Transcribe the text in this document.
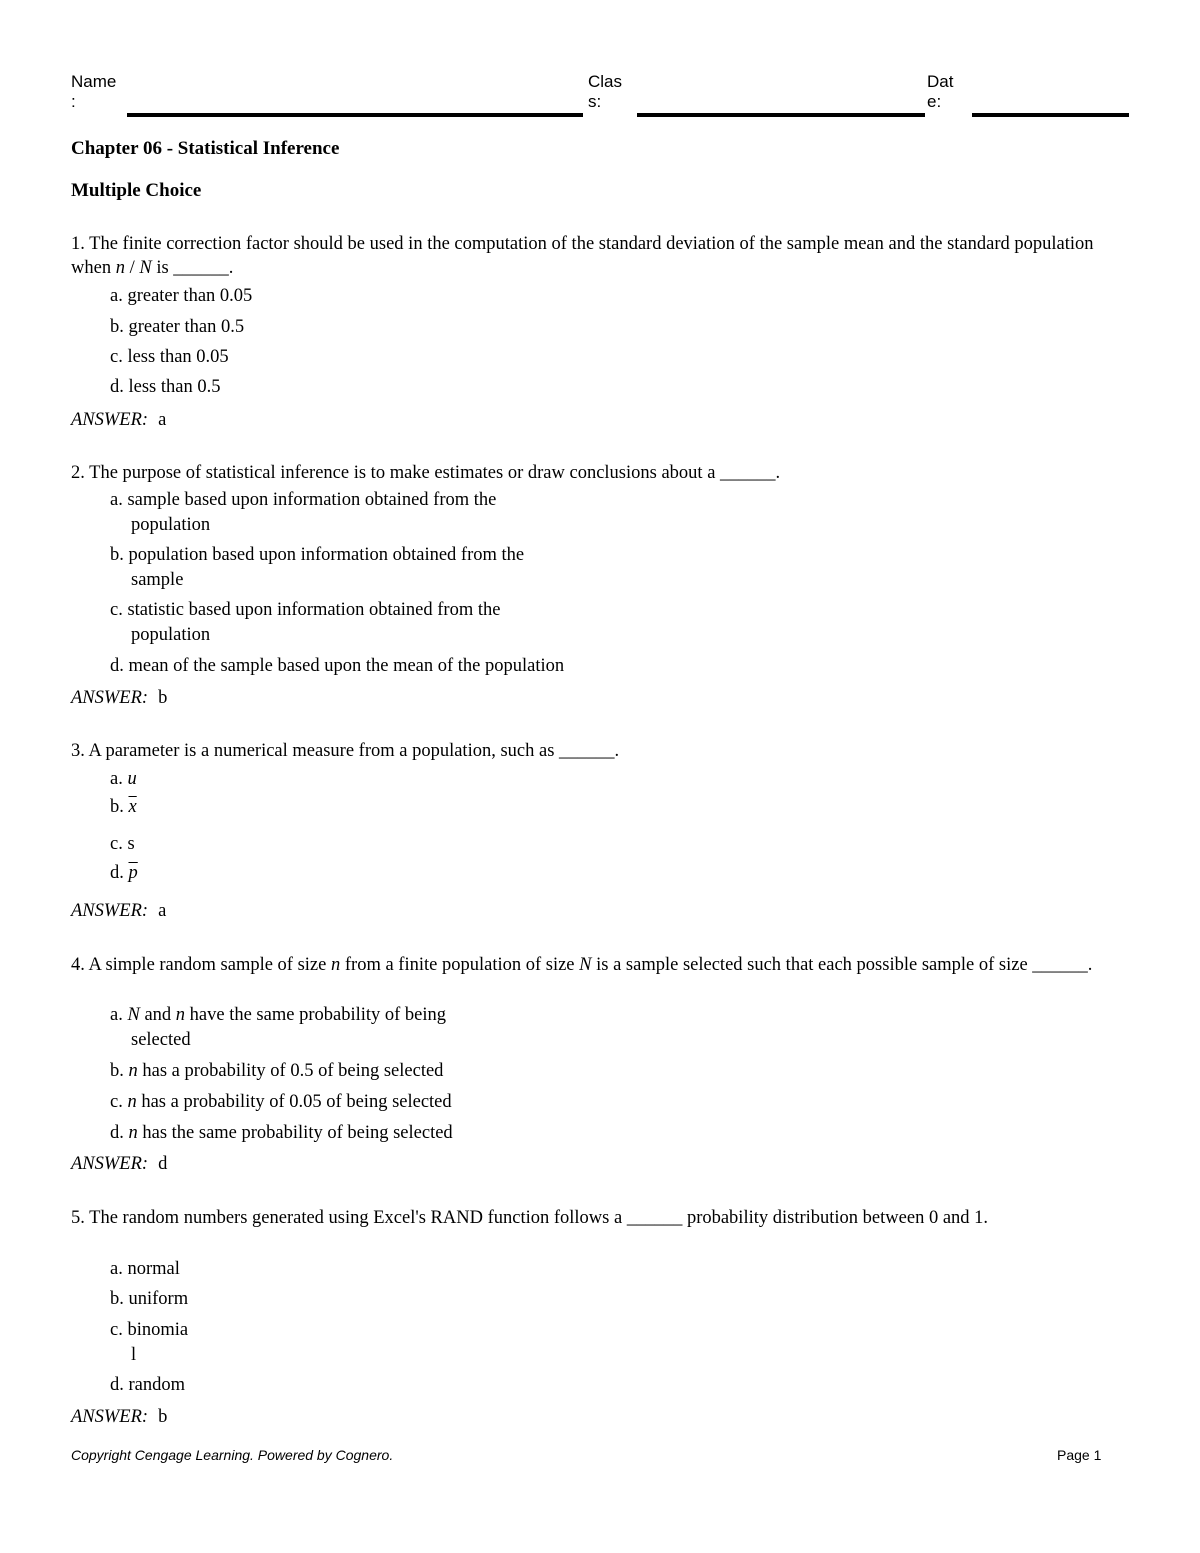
Name
:
Clas
s:
Dat
e:
Chapter 06 - Statistical Inference
Multiple Choice
1. The finite correction factor should be used in the computation of the standard deviation of the sample mean and the standard population when n / N is ______.
a. greater than 0.05
b. greater than 0.5
c. less than 0.05
d. less than 0.5
ANSWER: a
2. The purpose of statistical inference is to make estimates or draw conclusions about a ______.
a. sample based upon information obtained from the
population
b. population based upon information obtained from the
sample
c. statistic based upon information obtained from the
population
d. mean of the sample based upon the mean of the population
ANSWER: b
3. A parameter is a numerical measure from a population, such as ______.
a. u
b. $\overline{x}$
c. s
d. $\overline{p}$
ANSWER: a
4. A simple random sample of size n from a finite population of size N is a sample selected such that each possible sample of size ______.
a. N and n have the same probability of being
selected
b. n has a probability of 0.5 of being selected
c. n has a probability of 0.05 of being selected
d. n has the same probability of being selected
ANSWER: d
5. The random numbers generated using Excel's RAND function follows a ______ probability distribution between 0 and 1.
a. normal
b. uniform
c. binomia
l
d. random
ANSWER: b
Copyright Cengage Learning. Powered by Cognero.	Page 1
